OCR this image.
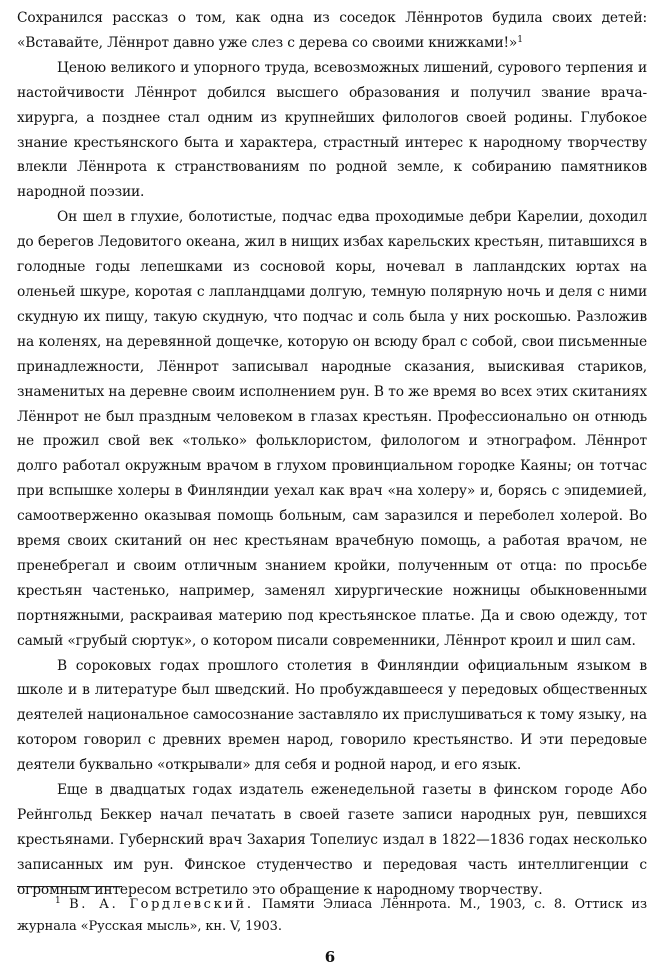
Сохранился рассказ о том, как одна из соседок Лённротов будила своих детей: «Вставайте, Лённрот давно уже слез с дерева со своими книжками!»$^1$

Ценою великого и упорного труда, всевозможных лишений, сурового терпения и настойчивости Лённрот добился высшего образования и получил звание врача-хирурга, а позднее стал одним из крупнейших филологов своей родины. Глубокое знание крестьянского быта и характера, страстный интерес к народному творчеству влекли Лённрота к странствованиям по родной земле, к собиранию памятников народной поэзии.

Он шел в глухие, болотистые, подчас едва проходимые дебри Карелии, доходил до берегов Ледовитого океана, жил в нищих избах карельских крестьян, питавшихся в голодные годы лепешками из сосновой коры, ночевал в лапландских юртах на оленьей шкуре, коротая с лапландцами долгую, темную полярную ночь и деля с ними скудную их пищу, такую скудную, что подчас и соль была у них роскошью. Разложив на коленях, на деревянной дощечке, которую он всюду брал с собой, свои письменные принадлежности, Лённрот записывал народные сказания, выискивая стариков, знаменитых на деревне своим исполнением рун. В то же время во всех этих скитаниях Лённрот не был праздным человеком в глазах крестьян. Профессионально он отнюдь не прожил свой век «только» фольклористом, филологом и этнографом. Лённрот долго работал окружным врачом в глухом провинциальном городке Каяны; он тотчас при вспышке холеры в Финляндии уехал как врач «на холеру» и, борясь с эпидемией, самоотверженно оказывая помощь больным, сам заразился и переболел холерой. Во время своих скитаний он нес крестьянам врачебную помощь, а работая врачом, не пренебрегал и своим отличным знанием кройки, полученным от отца: по просьбе крестьян частенько, например, заменял хирургические ножницы обыкновенными портняжными, раскраивая материю под крестьянское платье. Да и свою одежду, тот самый «грубый сюртук», о котором писали современники, Лённрот кроил и шил сам.

В сороковых годах прошлого столетия в Финляндии официальным языком в школе и в литературе был шведский. Но пробуждавшееся у передовых общественных деятелей национальное самосознание заставляло их прислушиваться к тому языку, на котором говорил с древних времен народ, говорило крестьянство. И эти передовые деятели буквально «открывали» для себя и родной народ, и его язык.

Еще в двадцатых годах издатель еженедельной газеты в финском городе Або Рейнгольд Беккер начал печатать в своей газете записи народных рун, певшихся крестьянами. Губернский врач Захария Топелиус издал в 1822—1836 годах несколько записанных им рун. Финское студенчество и передовая часть интеллигенции с огромным интересом встретило это обращение к народному творчеству.

$^1$ В. А. Гордлевский. Памяти Элиаса Лённрота. М., 1903, с. 8. Оттиск из журнала «Русская мысль», кн. V, 1903.

6
